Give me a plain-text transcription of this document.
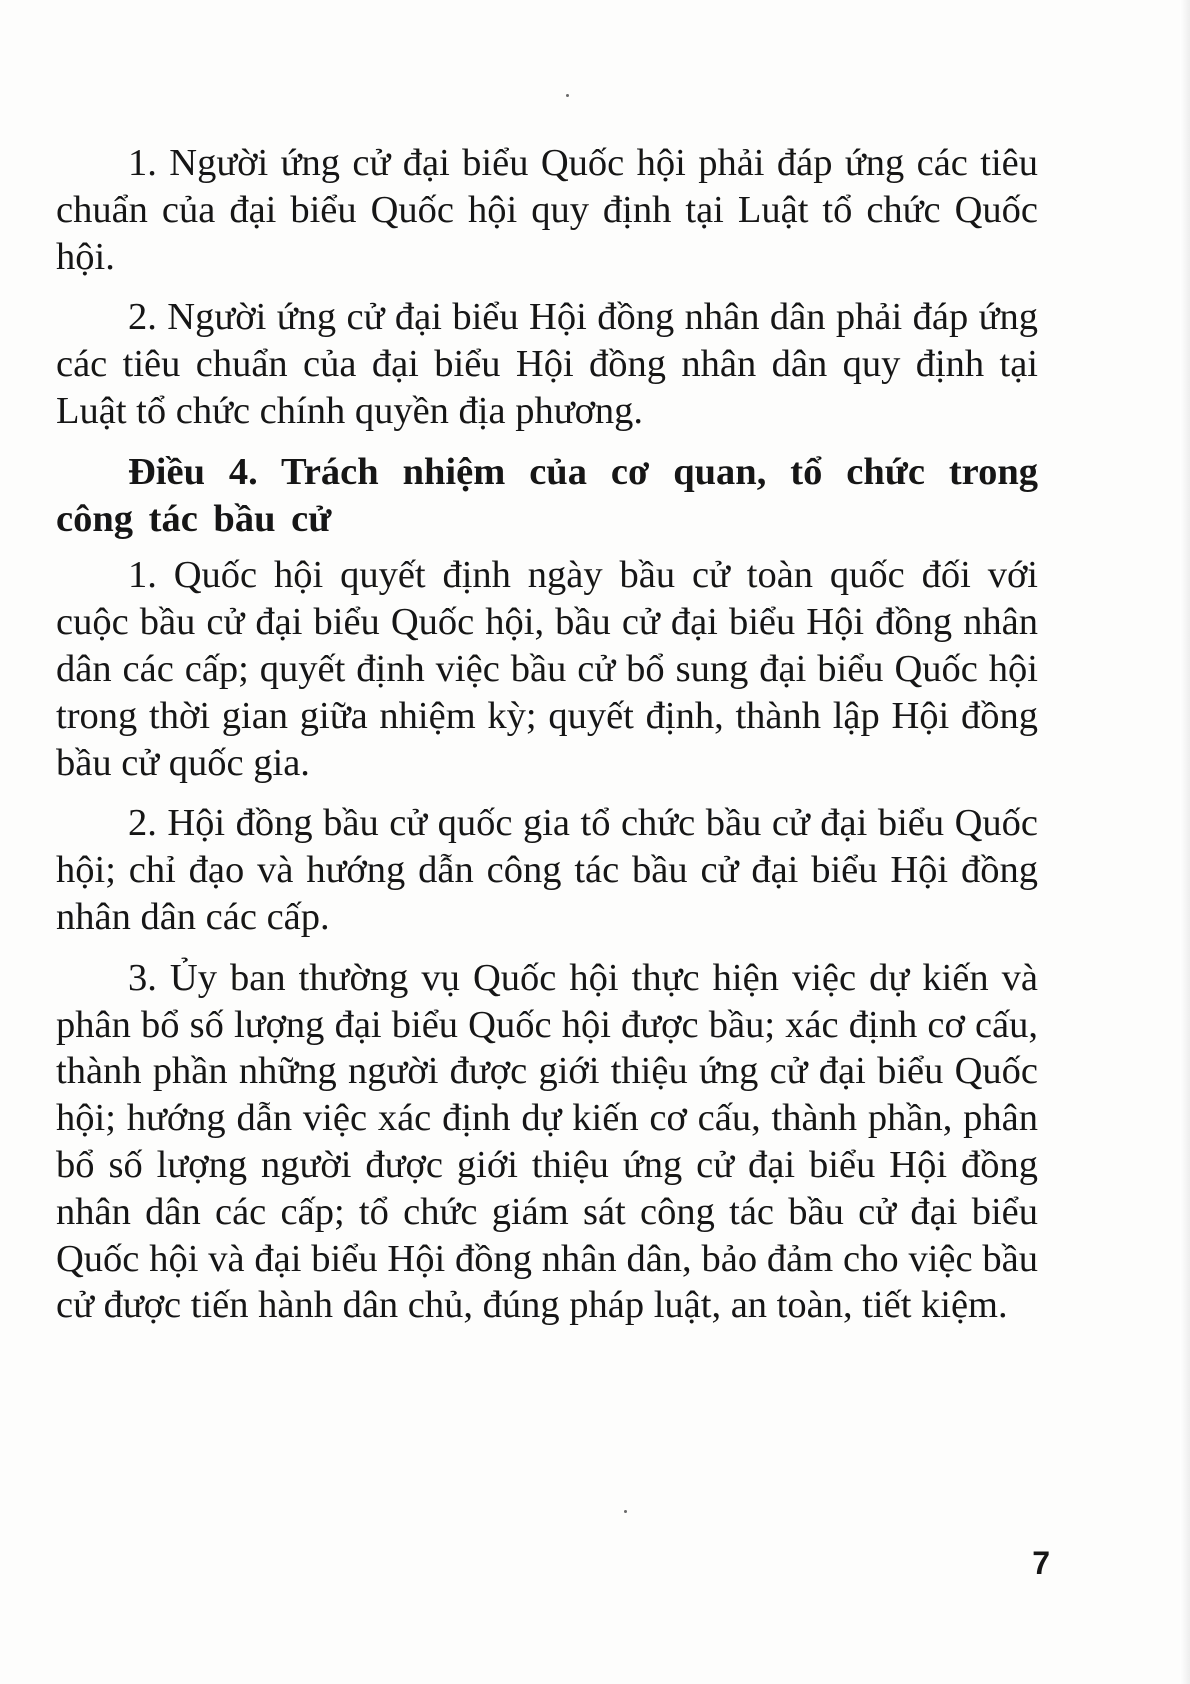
1. Người ứng cử đại biểu Quốc hội phải đáp ứng các tiêu chuẩn của đại biểu Quốc hội quy định tại Luật tổ chức Quốc hội.

2. Người ứng cử đại biểu Hội đồng nhân dân phải đáp ứng các tiêu chuẩn của đại biểu Hội đồng nhân dân quy định tại Luật tổ chức chính quyền địa phương.

Điều 4. Trách nhiệm của cơ quan, tổ chức trong công tác bầu cử

1. Quốc hội quyết định ngày bầu cử toàn quốc đối với cuộc bầu cử đại biểu Quốc hội, bầu cử đại biểu Hội đồng nhân dân các cấp; quyết định việc bầu cử bổ sung đại biểu Quốc hội trong thời gian giữa nhiệm kỳ; quyết định, thành lập Hội đồng bầu cử quốc gia.

2. Hội đồng bầu cử quốc gia tổ chức bầu cử đại biểu Quốc hội; chỉ đạo và hướng dẫn công tác bầu cử đại biểu Hội đồng nhân dân các cấp.

3. Ủy ban thường vụ Quốc hội thực hiện việc dự kiến và phân bổ số lượng đại biểu Quốc hội được bầu; xác định cơ cấu, thành phần những người được giới thiệu ứng cử đại biểu Quốc hội; hướng dẫn việc xác định dự kiến cơ cấu, thành phần, phân bổ số lượng người được giới thiệu ứng cử đại biểu Hội đồng nhân dân các cấp; tổ chức giám sát công tác bầu cử đại biểu Quốc hội và đại biểu Hội đồng nhân dân, bảo đảm cho việc bầu cử được tiến hành dân chủ, đúng pháp luật, an toàn, tiết kiệm.

7
